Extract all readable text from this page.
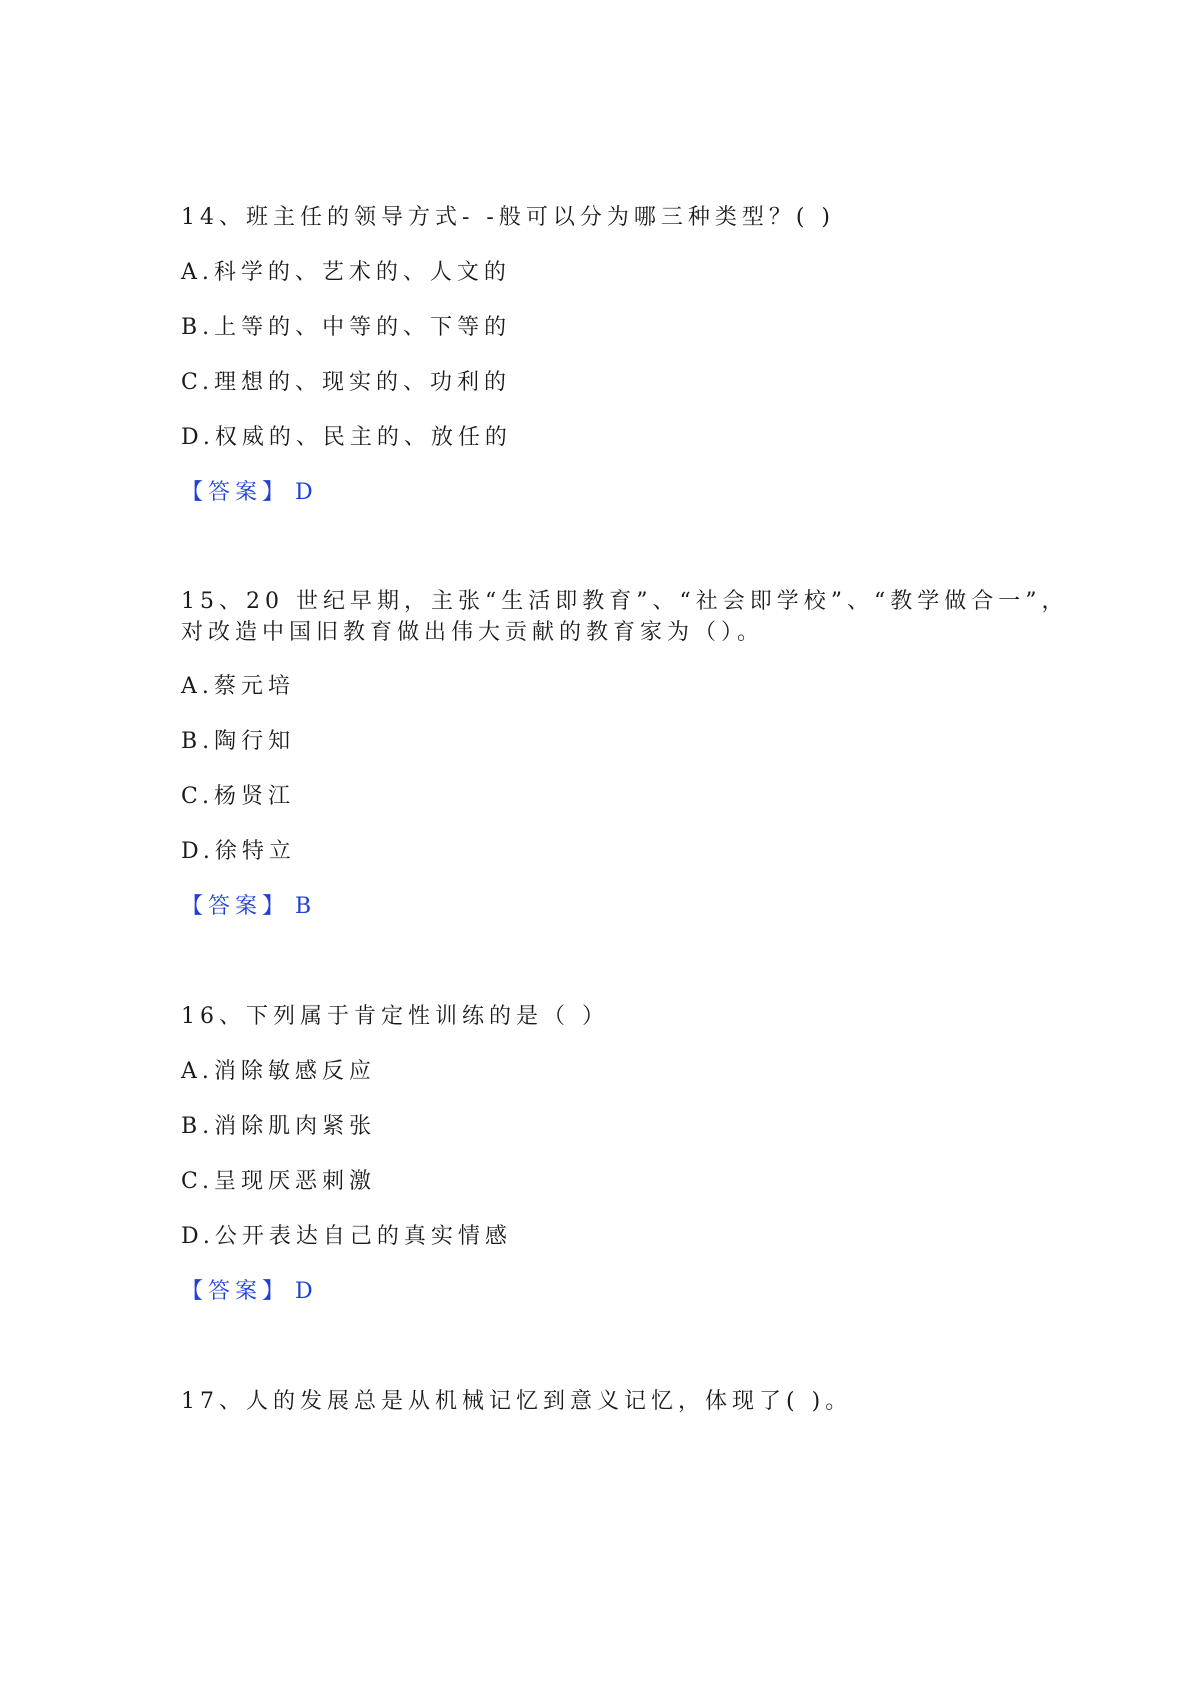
14、班主任的领导方式- -般可以分为哪三种类型？( )
A.科学的、艺术的、人文的
B.上等的、中等的、下等的
C.理想的、现实的、功利的
D.权威的、民主的、放任的
【答案】 D
15、20 世纪早期，主张“生活即教育”、“社会即学校”、“教学做合一”，
对改造中国旧教育做出伟大贡献的教育家为（）。
A.蔡元培
B.陶行知
C.杨贤江
D.徐特立
【答案】 B
16、下列属于肯定性训练的是（ ）
A.消除敏感反应
B.消除肌肉紧张
C.呈现厌恶刺激
D.公开表达自己的真实情感
【答案】 D
17、人的发展总是从机械记忆到意义记忆，体现了( )。
